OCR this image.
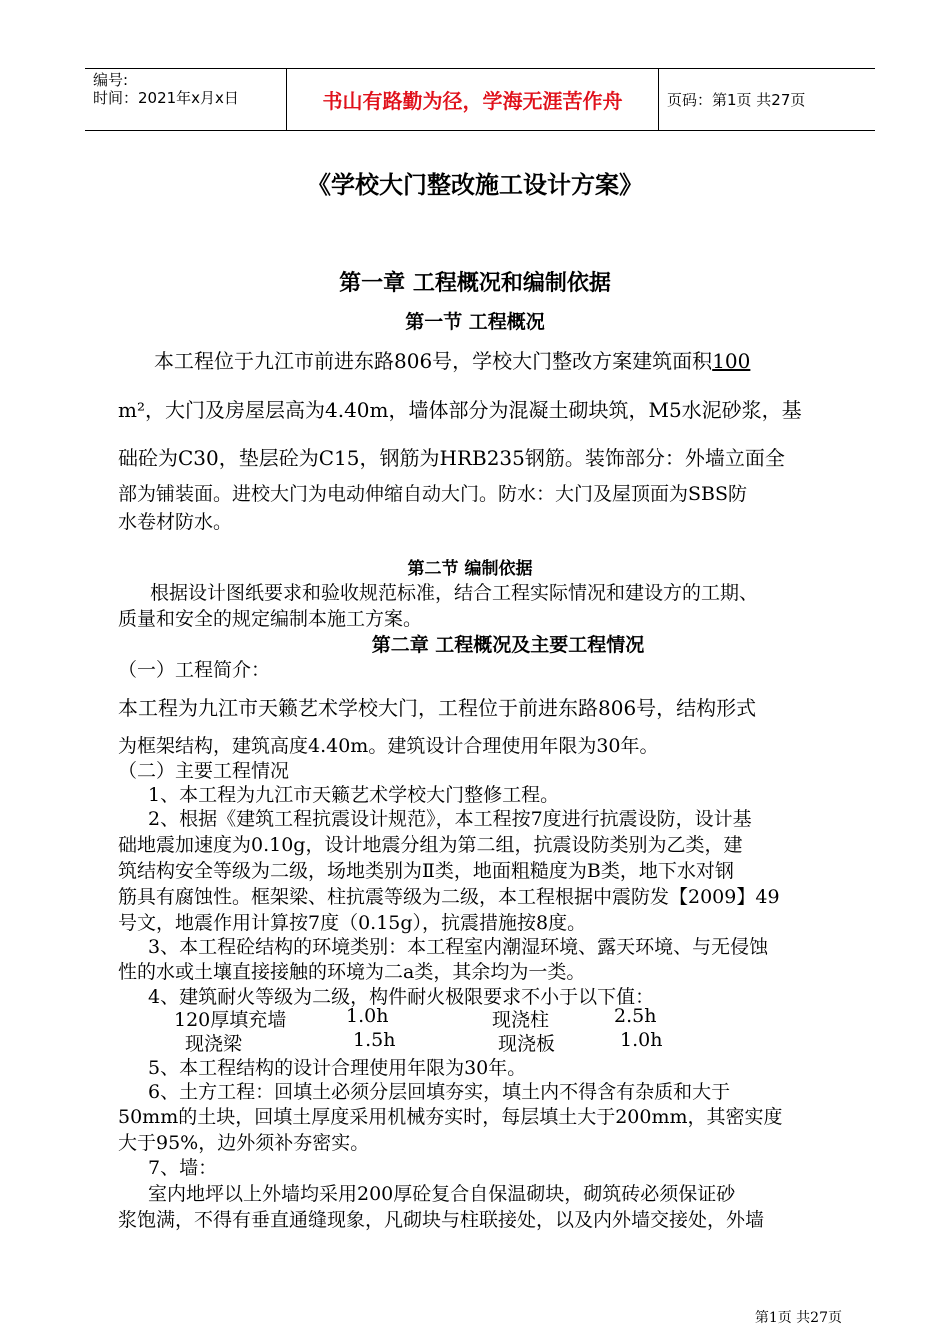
编号:
时间：2021年x月x日	书山有路勤为径，学海无涯苦作舟	页码：第1页 共27页
《学校大门整改施工设计方案》
第一章 工程概况和编制依据
第一节 工程概况
本工程位于九江市前进东路806号，学校大门整改方案建筑面积100
m²，大门及房屋层高为4.40m，墙体部分为混凝土砌块筑，M5水泥砂浆，基
础砼为C30，垫层砼为C15，钢筋为HRB235钢筋。装饰部分：外墙立面全
部为铺装面。进校大门为电动伸缩自动大门。防水：大门及屋顶面为SBS防
水卷材防水。
第二节 编制依据
根据设计图纸要求和验收规范标准，结合工程实际情况和建设方的工期、
质量和安全的规定编制本施工方案。
第二章 工程概况及主要工程情况
（一）工程简介：
本工程为九江市天籁艺术学校大门，工程位于前进东路806号，结构形式
为框架结构，建筑高度4.40m。建筑设计合理使用年限为30年。
（二）主要工程情况
1、本工程为九江市天籁艺术学校大门整修工程。
2、根据《建筑工程抗震设计规范》，本工程按7度进行抗震设防，设计基
础地震加速度为0.10g，设计地震分组为第二组，抗震设防类别为乙类，建
筑结构安全等级为二级，场地类别为Ⅱ类，地面粗糙度为B类，地下水对钢
筋具有腐蚀性。框架梁、柱抗震等级为二级，本工程根据中震防发【2009】49
号文，地震作用计算按7度（0.15g），抗震措施按8度。
3、本工程砼结构的环境类别：本工程室内潮湿环境、露天环境、与无侵蚀
性的水或土壤直接接触的环境为二a类，其余均为一类。
4、建筑耐火等级为二级，构件耐火极限要求不小于以下值：
120厚填充墙	1.0h	现浇柱	2.5h
现浇梁	1.5h	现浇板	1.0h
5、本工程结构的设计合理使用年限为30年。
6、土方工程：回填土必须分层回填夯实，填土内不得含有杂质和大于
50mm的土块，回填土厚度采用机械夯实时，每层填土大于200mm，其密实度
大于95%，边外须补夯密实。
7、墙：
室内地坪以上外墙均采用200厚砼复合自保温砌块，砌筑砖必须保证砂
浆饱满，不得有垂直通缝现象，凡砌块与柱联接处，以及内外墙交接处，外墙
第1页 共27页
